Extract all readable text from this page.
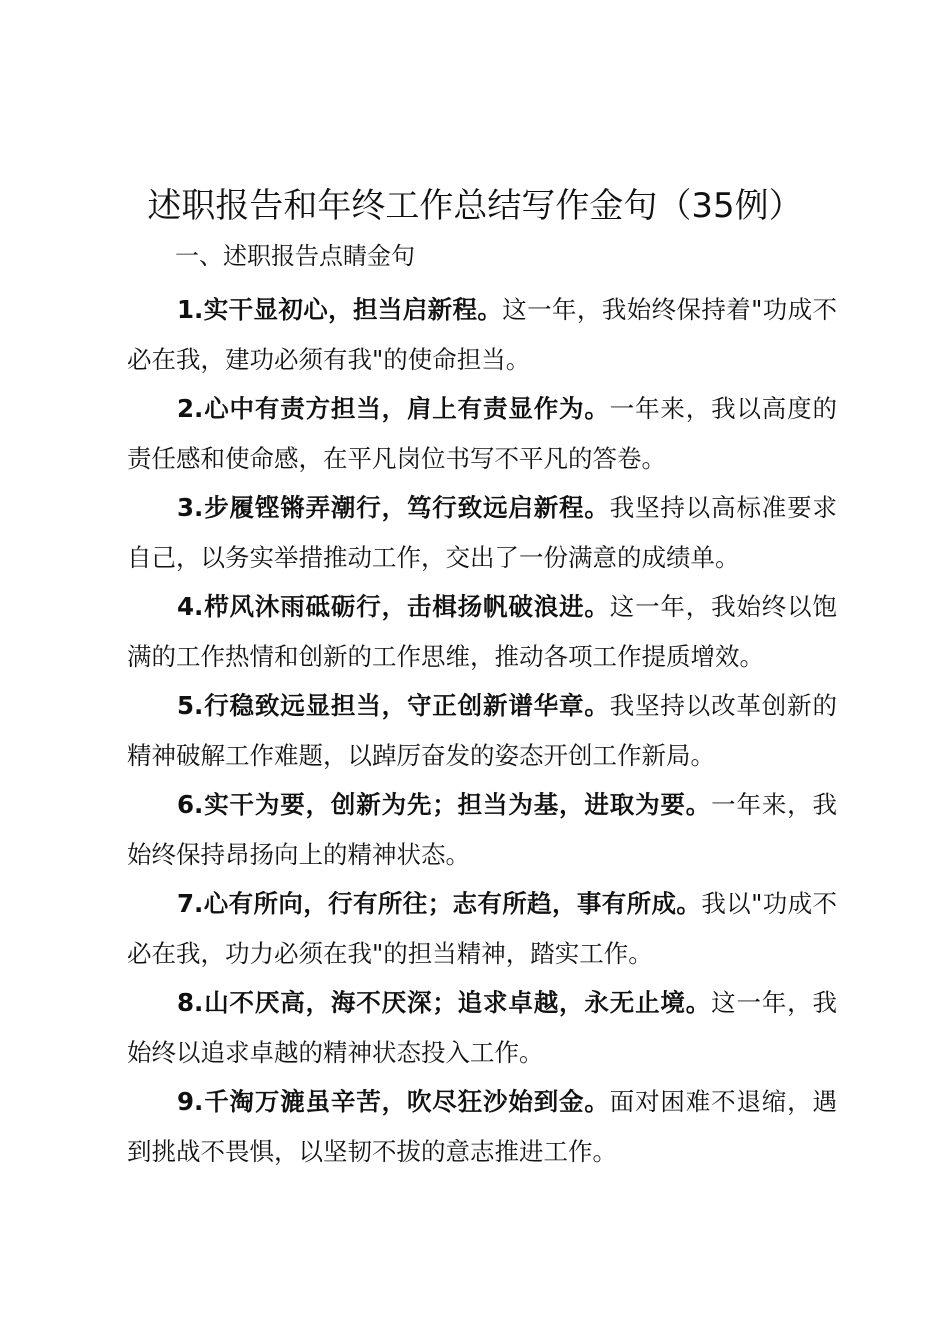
述职报告和年终工作总结写作金句（35例）

一、述职报告点睛金句

1.实干显初心，担当启新程。这一年，我始终保持着"功成不必在我，建功必须有我"的使命担当。

2.心中有责方担当，肩上有责显作为。一年来，我以高度的责任感和使命感，在平凡岗位书写不平凡的答卷。

3.步履铿锵弄潮行，笃行致远启新程。我坚持以高标准要求自己，以务实举措推动工作，交出了一份满意的成绩单。

4.栉风沐雨砥砺行，击楫扬帆破浪进。这一年，我始终以饱满的工作热情和创新的工作思维，推动各项工作提质增效。

5.行稳致远显担当，守正创新谱华章。我坚持以改革创新的精神破解工作难题，以踔厉奋发的姿态开创工作新局。

6.实干为要，创新为先；担当为基，进取为要。一年来，我始终保持昂扬向上的精神状态。

7.心有所向，行有所往；志有所趋，事有所成。我以"功成不必在我，功力必须在我"的担当精神，踏实工作。

8.山不厌高，海不厌深；追求卓越，永无止境。这一年，我始终以追求卓越的精神状态投入工作。

9.千淘万漉虽辛苦，吹尽狂沙始到金。面对困难不退缩，遇到挑战不畏惧，以坚韧不拔的意志推进工作。
